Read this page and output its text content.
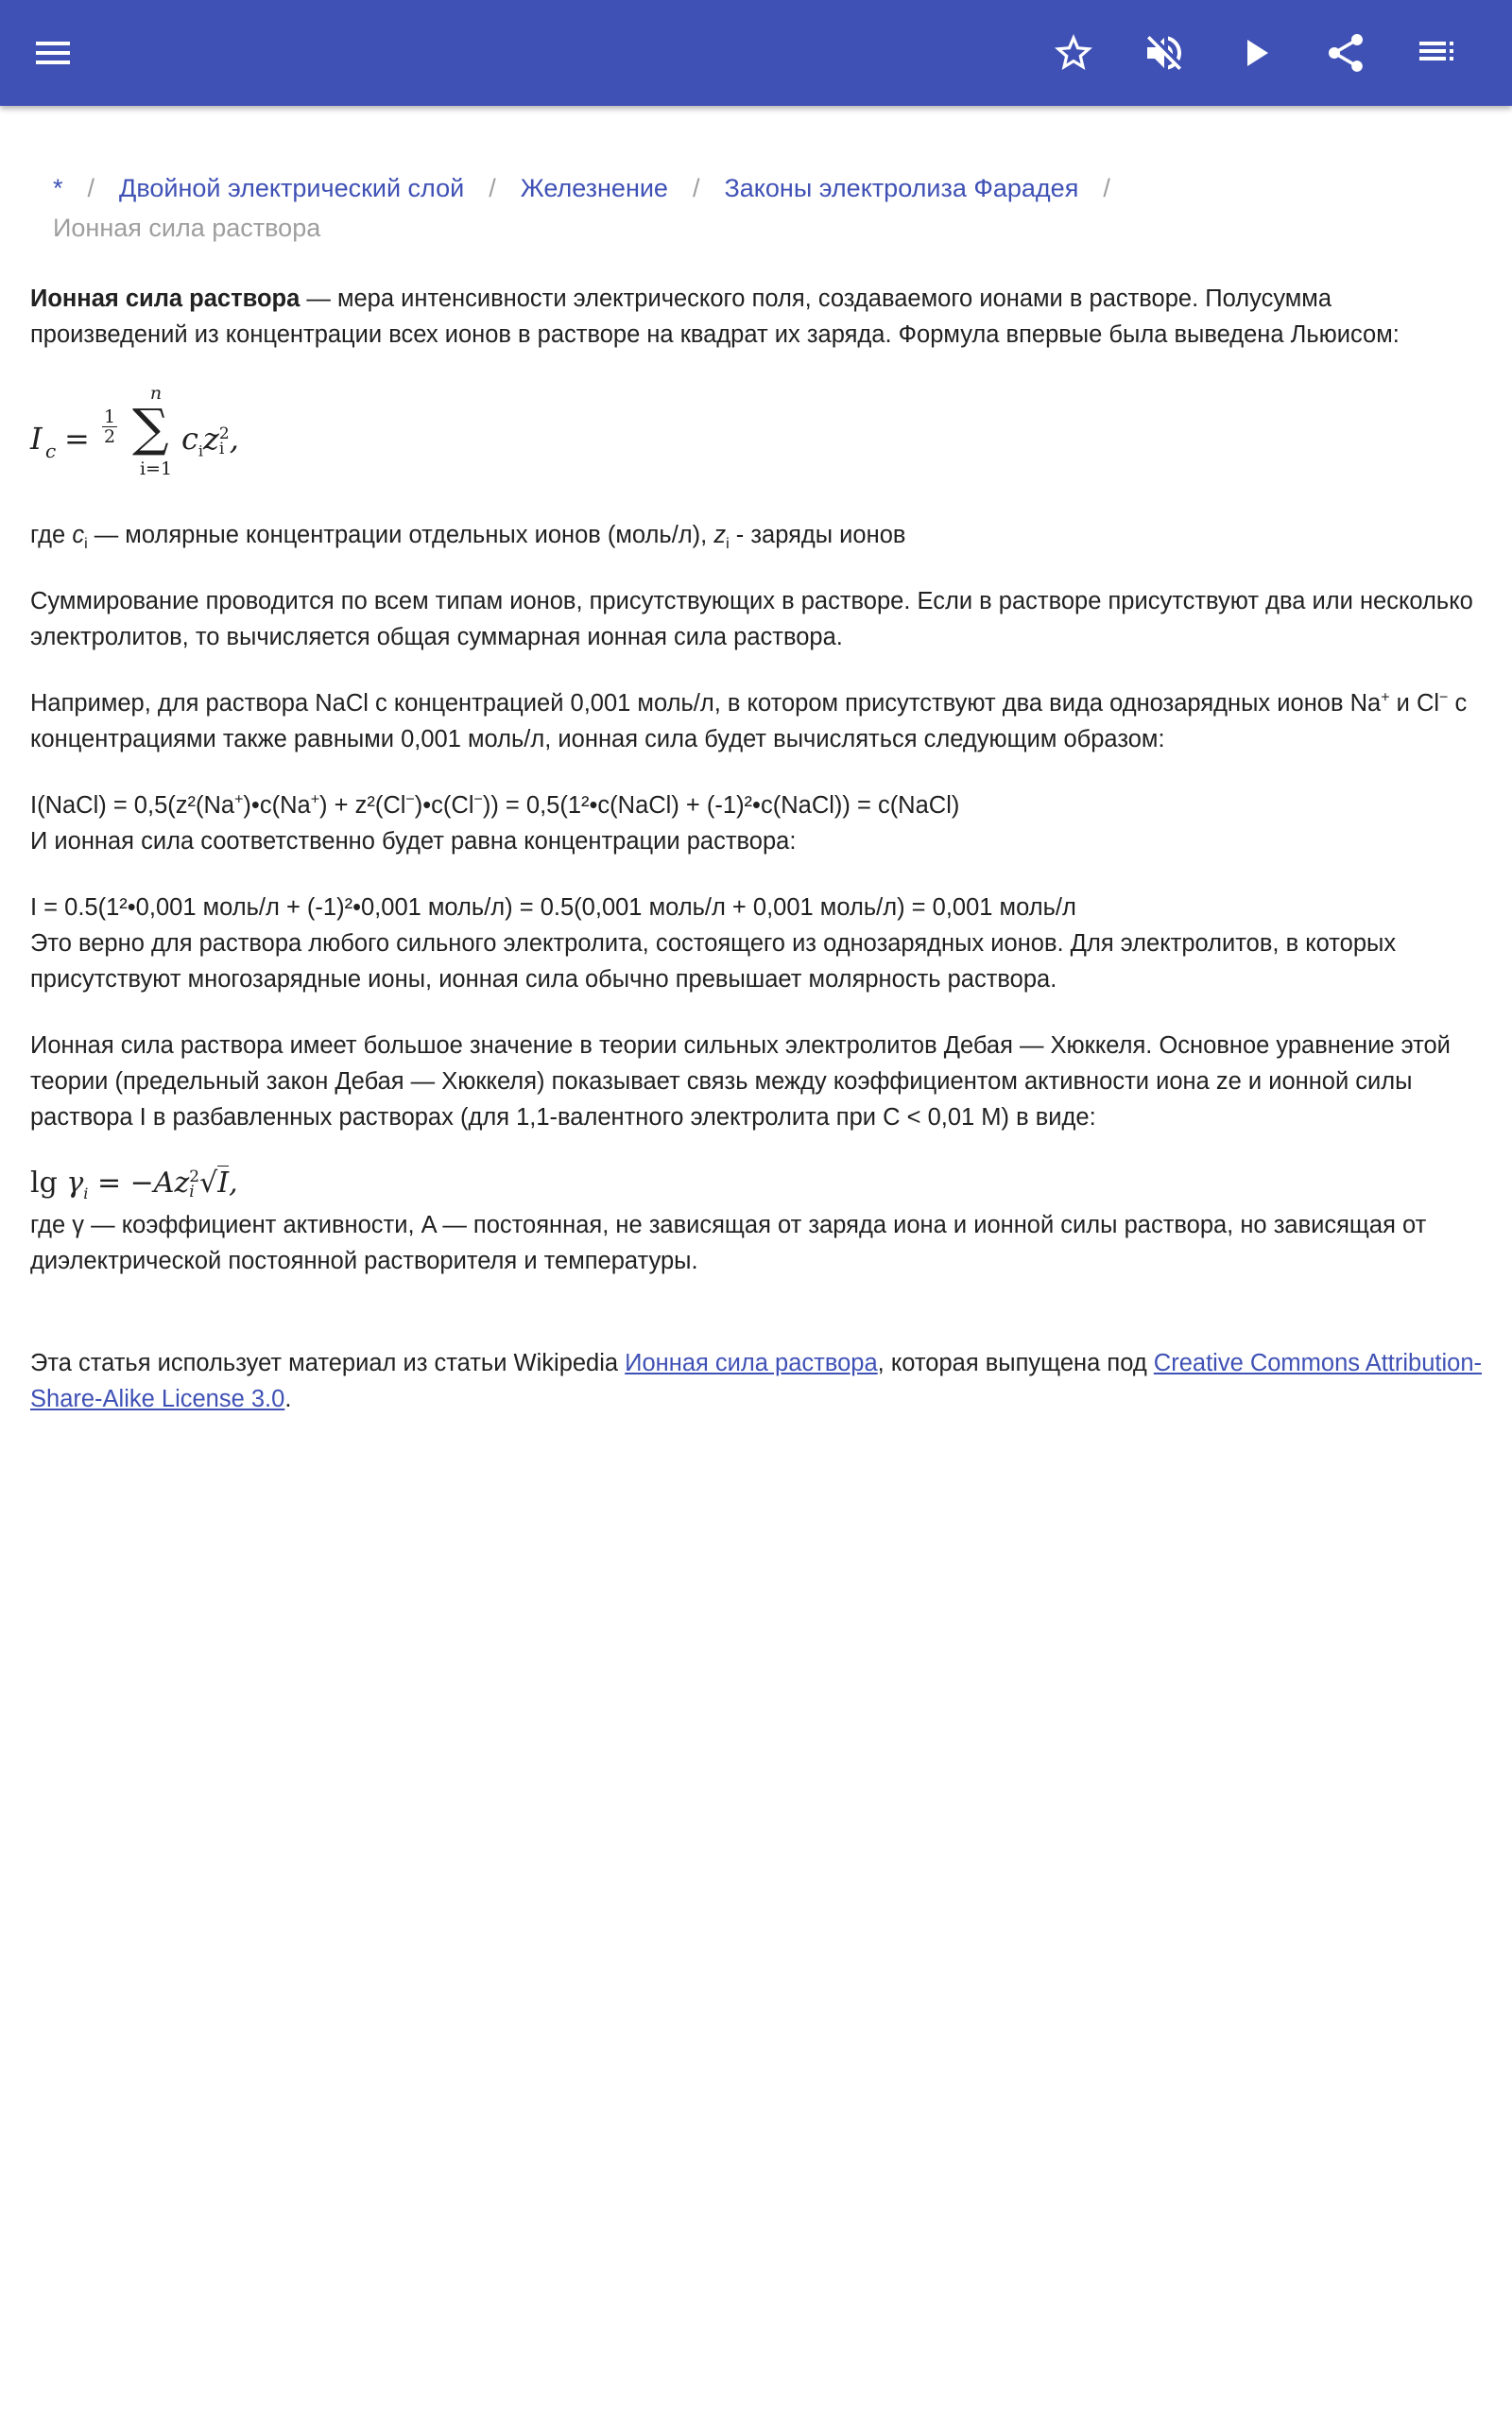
* / Двойной электрический слой / Железнение / Законы электролиза Фарадея /
Ионная сила раствора

Ионная сила раствора — мера интенсивности электрического поля, создаваемого ионами в растворе. Полусумма произведений из концентрации всех ионов в растворе на квадрат их заряда. Формула впервые была выведена Льюисом:

I c =
1

2
n
∑
i=1
$c_iz2$
i ,

где $c_i$ — молярные концентрации отдельных ионов (моль/л), $z_i$ - заряды ионов

Суммирование проводится по всем типам ионов, присутствующих в растворе. Если в растворе присутствуют два или несколько электролитов, то вычисляется общая суммарная ионная сила раствора.

Например, для раствора NaCl с концентрацией 0,001 моль/л, в котором присутствуют два вида однозарядных ионов Na+ и Cl− с концентрациями также равными 0,001 моль/л, ионная сила будет вычисляться следующим образом:

I(NaCl) = 0,5(z²(Na+)•c(Na+) + z²(Cl−)•c(Cl−)) = 0,5(1²•c(NaCl) + (-1)²•c(NaCl)) = c(NaCl)
И ионная сила соответственно будет равна концентрации раствора:

I = 0.5(1²•0,001 моль/л + (-1)²•0,001 моль/л) = 0.5(0,001 моль/л + 0,001 моль/л) = 0,001 моль/л
Это верно для раствора любого сильного электролита, состоящего из однозарядных ионов. Для электролитов, в которых присутствуют многозарядные ионы, ионная сила обычно превышает молярность раствора.

Ионная сила раствора имеет большое значение в теории сильных электролитов Дебая — Хюккеля. Основное уравнение этой теории (предельный закон Дебая — Хюккеля) показывает связь между коэффициентом активности иона ze и ионной силы раствора I в разбавленных растворах (для 1,1-валентного электролита при C < 0,01 M) в виде:

$\lg \gamma_i = -Az2$
i √I,

где γ — коэффициент активности, A — постоянная, не зависящая от заряда иона и ионной силы раствора, но зависящая от диэлектрической постоянной растворителя и температуры.

Эта статья использует материал из статьи Wikipedia Ионная сила раствора, которая выпущена под Creative Commons Attribution-Share-Alike License 3.0.
